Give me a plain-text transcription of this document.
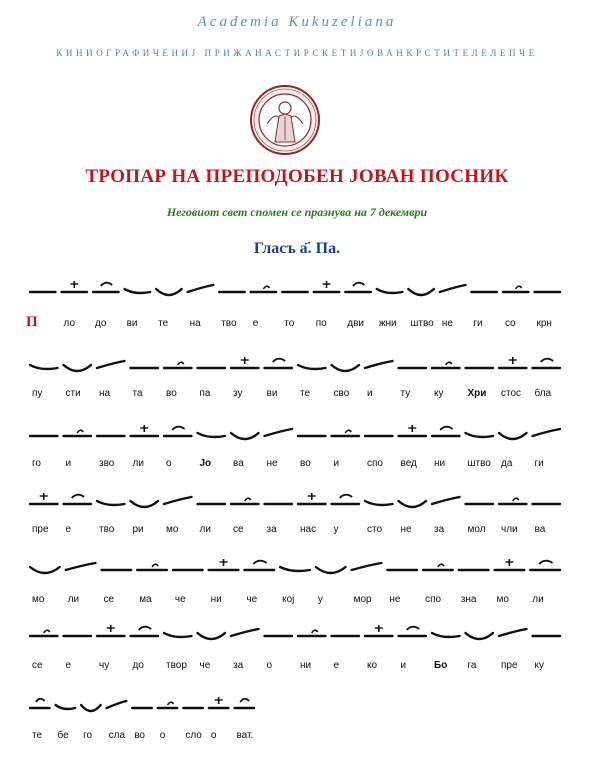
Academia Kukuzeliana
КИНИОГРАФИЧЕНИЈ ПРИЖАНАСТИРСКЕТИЈОВАНКРСТИТЕЛЕЛЕПЧЕ
ТРОПАР НА ПРЕПОДОБЕН ЈОВАН ПОСНИК
Неговиот свет спомен се празнува на 7 декември
Гласъ а҃. Па.
П	ло до ви те на тво е	то по дви жни штво не ги со крн
пу сти на та во па зу ви те сво и	ту ку Хри стос бла
го и	зво ли о	Јо ва не во и	спо вед ни штво да ги
пре е	тво ри мо ли се за нас у	сто не за мол чли ва
мо ли се	ма че ни че кој у	мор не спо зна мо ли
се е	чу до твор че за о	ни е	ко и	Бо га пре ку
те бе го сла во о сло о ват.
